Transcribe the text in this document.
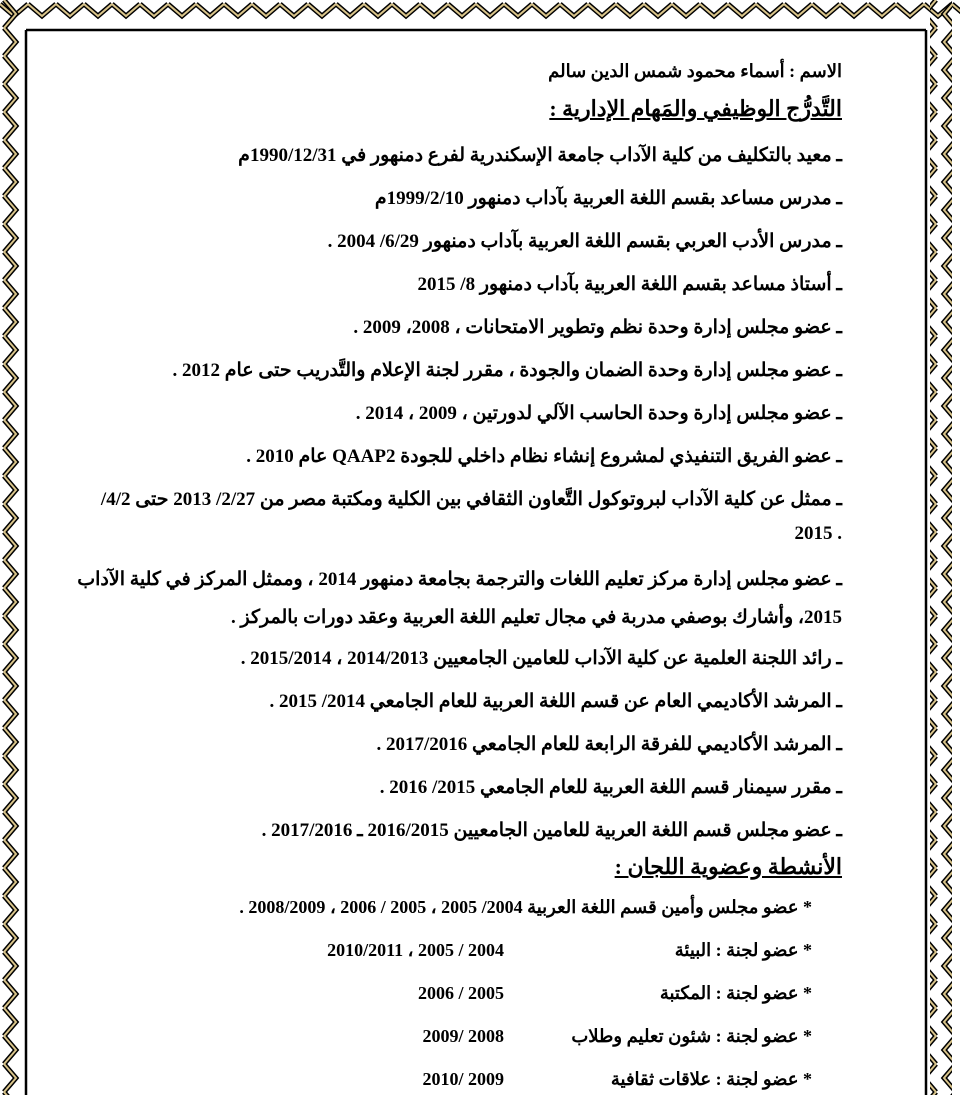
الاسم : أسماء محمود شمس الدين سالم
التَّدرُّج الوظيفي والمَهام الإدارية :
ـ معيد بالتكليف من كلية الآداب جامعة الإسكندرية لفرع دمنهور في 1990/12/31م
ـ مدرس مساعد بقسم اللغة العربية بآداب دمنهور 1999/2/10م
ـ مدرس الأدب العربي بقسم اللغة العربية بآداب دمنهور 6/29/ 2004 .
ـ أستاذ مساعد بقسم اللغة العربية بآداب دمنهور 8/ 2015
ـ عضو مجلس إدارة وحدة نظم وتطوير الامتحانات ، 2008، 2009 .
ـ عضو مجلس إدارة وحدة الضمان والجودة ، مقرر لجنة الإعلام والتَّدريب حتى عام 2012 .
ـ عضو مجلس إدارة وحدة الحاسب الآلي لدورتين ، 2009 ، 2014 .
ـ عضو الفريق التنفيذي لمشروع إنشاء نظام داخلي للجودة QAAP2 عام 2010 .
ـ ممثل عن كلية الآداب لبروتوكول التَّعاون الثقافي بين الكلية ومكتبة مصر من 2/27/ 2013 حتى 4/2/
. 2015
ـ عضو مجلس إدارة مركز تعليم اللغات والترجمة بجامعة دمنهور 2014 ، وممثل المركز في كلية الآداب
2015، وأشارك بوصفي مدربة في مجال تعليم اللغة العربية وعقد دورات بالمركز .
ـ رائد اللجنة العلمية عن كلية الآداب للعامين الجامعيين 2014/2013 ، 2015/2014 .
ـ المرشد الأكاديمي العام عن قسم اللغة العربية للعام الجامعي 2014/ 2015 .
ـ المرشد الأكاديمي للفرقة الرابعة للعام الجامعي 2017/2016 .
ـ مقرر سيمنار قسم اللغة العربية للعام الجامعي 2015/ 2016 .
ـ عضو مجلس قسم اللغة العربية للعامين الجامعيين 2016/2015 ـ 2017/2016 .
الأنشطة وعضوية اللجان :
* عضو مجلس وأمين قسم اللغة العربية 2004/ 2005 ، 2005 / 2006 ، 2008/2009 .
* عضو لجنة : البيئة
2004 / 2005 ، 2010/2011
* عضو لجنة : المكتبة
2005 / 2006
* عضو لجنة : شئون تعليم وطلاب
2008 /2009
* عضو لجنة : علاقات ثقافية
2009 /2010
